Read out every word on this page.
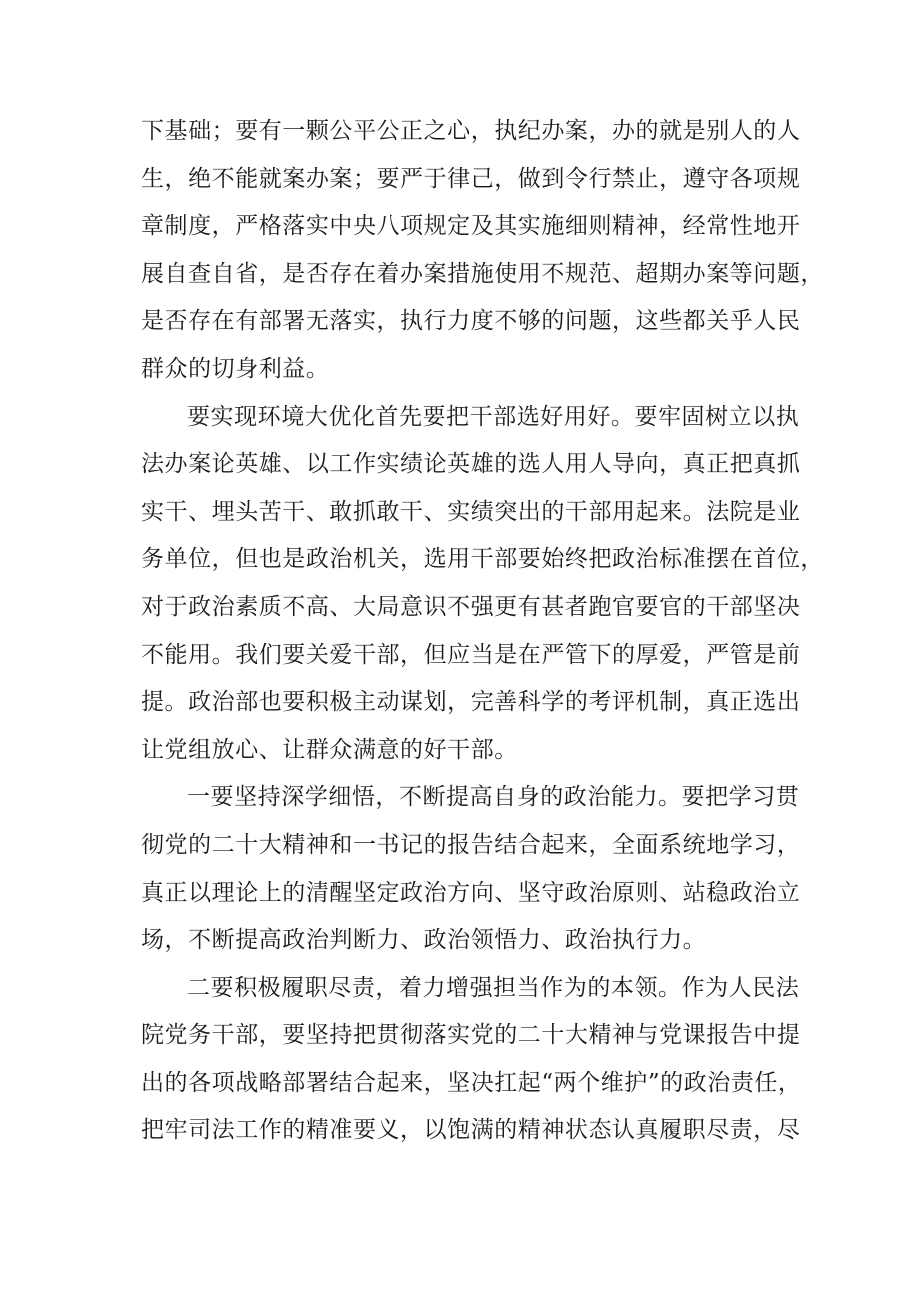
下基础；要有一颗公平公正之心，执纪办案，办的就是别人的人
生，绝不能就案办案；要严于律己，做到令行禁止，遵守各项规
章制度，严格落实中央八项规定及其实施细则精神，经常性地开
展自查自省，是否存在着办案措施使用不规范、超期办案等问题，
是否存在有部署无落实，执行力度不够的问题，这些都关乎人民
群众的切身利益。
要实现环境大优化首先要把干部选好用好。要牢固树立以执
法办案论英雄、以工作实绩论英雄的选人用人导向，真正把真抓
实干、埋头苦干、敢抓敢干、实绩突出的干部用起来。法院是业
务单位，但也是政治机关，选用干部要始终把政治标准摆在首位，
对于政治素质不高、大局意识不强更有甚者跑官要官的干部坚决
不能用。我们要关爱干部，但应当是在严管下的厚爱，严管是前
提。政治部也要积极主动谋划，完善科学的考评机制，真正选出
让党组放心、让群众满意的好干部。
一要坚持深学细悟，不断提高自身的政治能力。要把学习贯
彻党的二十大精神和一书记的报告结合起来，全面系统地学习，
真正以理论上的清醒坚定政治方向、坚守政治原则、站稳政治立
场，不断提高政治判断力、政治领悟力、政治执行力。
二要积极履职尽责，着力增强担当作为的本领。作为人民法
院党务干部，要坚持把贯彻落实党的二十大精神与党课报告中提
出的各项战略部署结合起来，坚决扛起“两个维护”的政治责任，
把牢司法工作的精准要义，以饱满的精神状态认真履职尽责，尽
